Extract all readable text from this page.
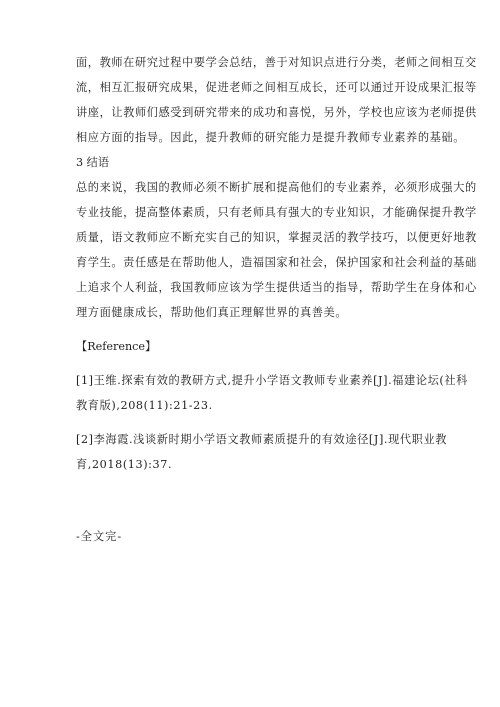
面，教师在研究过程中要学会总结，善于对知识点进行分类，老师之间相互交
流，相互汇报研究成果，促进老师之间相互成长，还可以通过开设成果汇报等
讲座，让教师们感受到研究带来的成功和喜悦，另外，学校也应该为老师提供
相应方面的指导。因此，提升教师的研究能力是提升教师专业素养的基础。

3 结语

总的来说，我国的教师必须不断扩展和提高他们的专业素养，必须形成强大的
专业技能，提高整体素质，只有老师具有强大的专业知识，才能确保提升教学
质量，语文教师应不断充实自己的知识，掌握灵活的教学技巧，以便更好地教
育学生。责任感是在帮助他人，造福国家和社会，保护国家和社会利益的基础
上追求个人利益，我国教师应该为学生提供适当的指导，帮助学生在身体和心
理方面健康成长，帮助他们真正理解世界的真善美。

【Reference】

[1]王维.探索有效的教研方式,提升小学语文教师专业素养[J].福建论坛(社科
教育版),208(11):21-23.

[2]李海霞.浅谈新时期小学语文教师素质提升的有效途径[J].现代职业教
育,2018(13):37.

-全文完-
